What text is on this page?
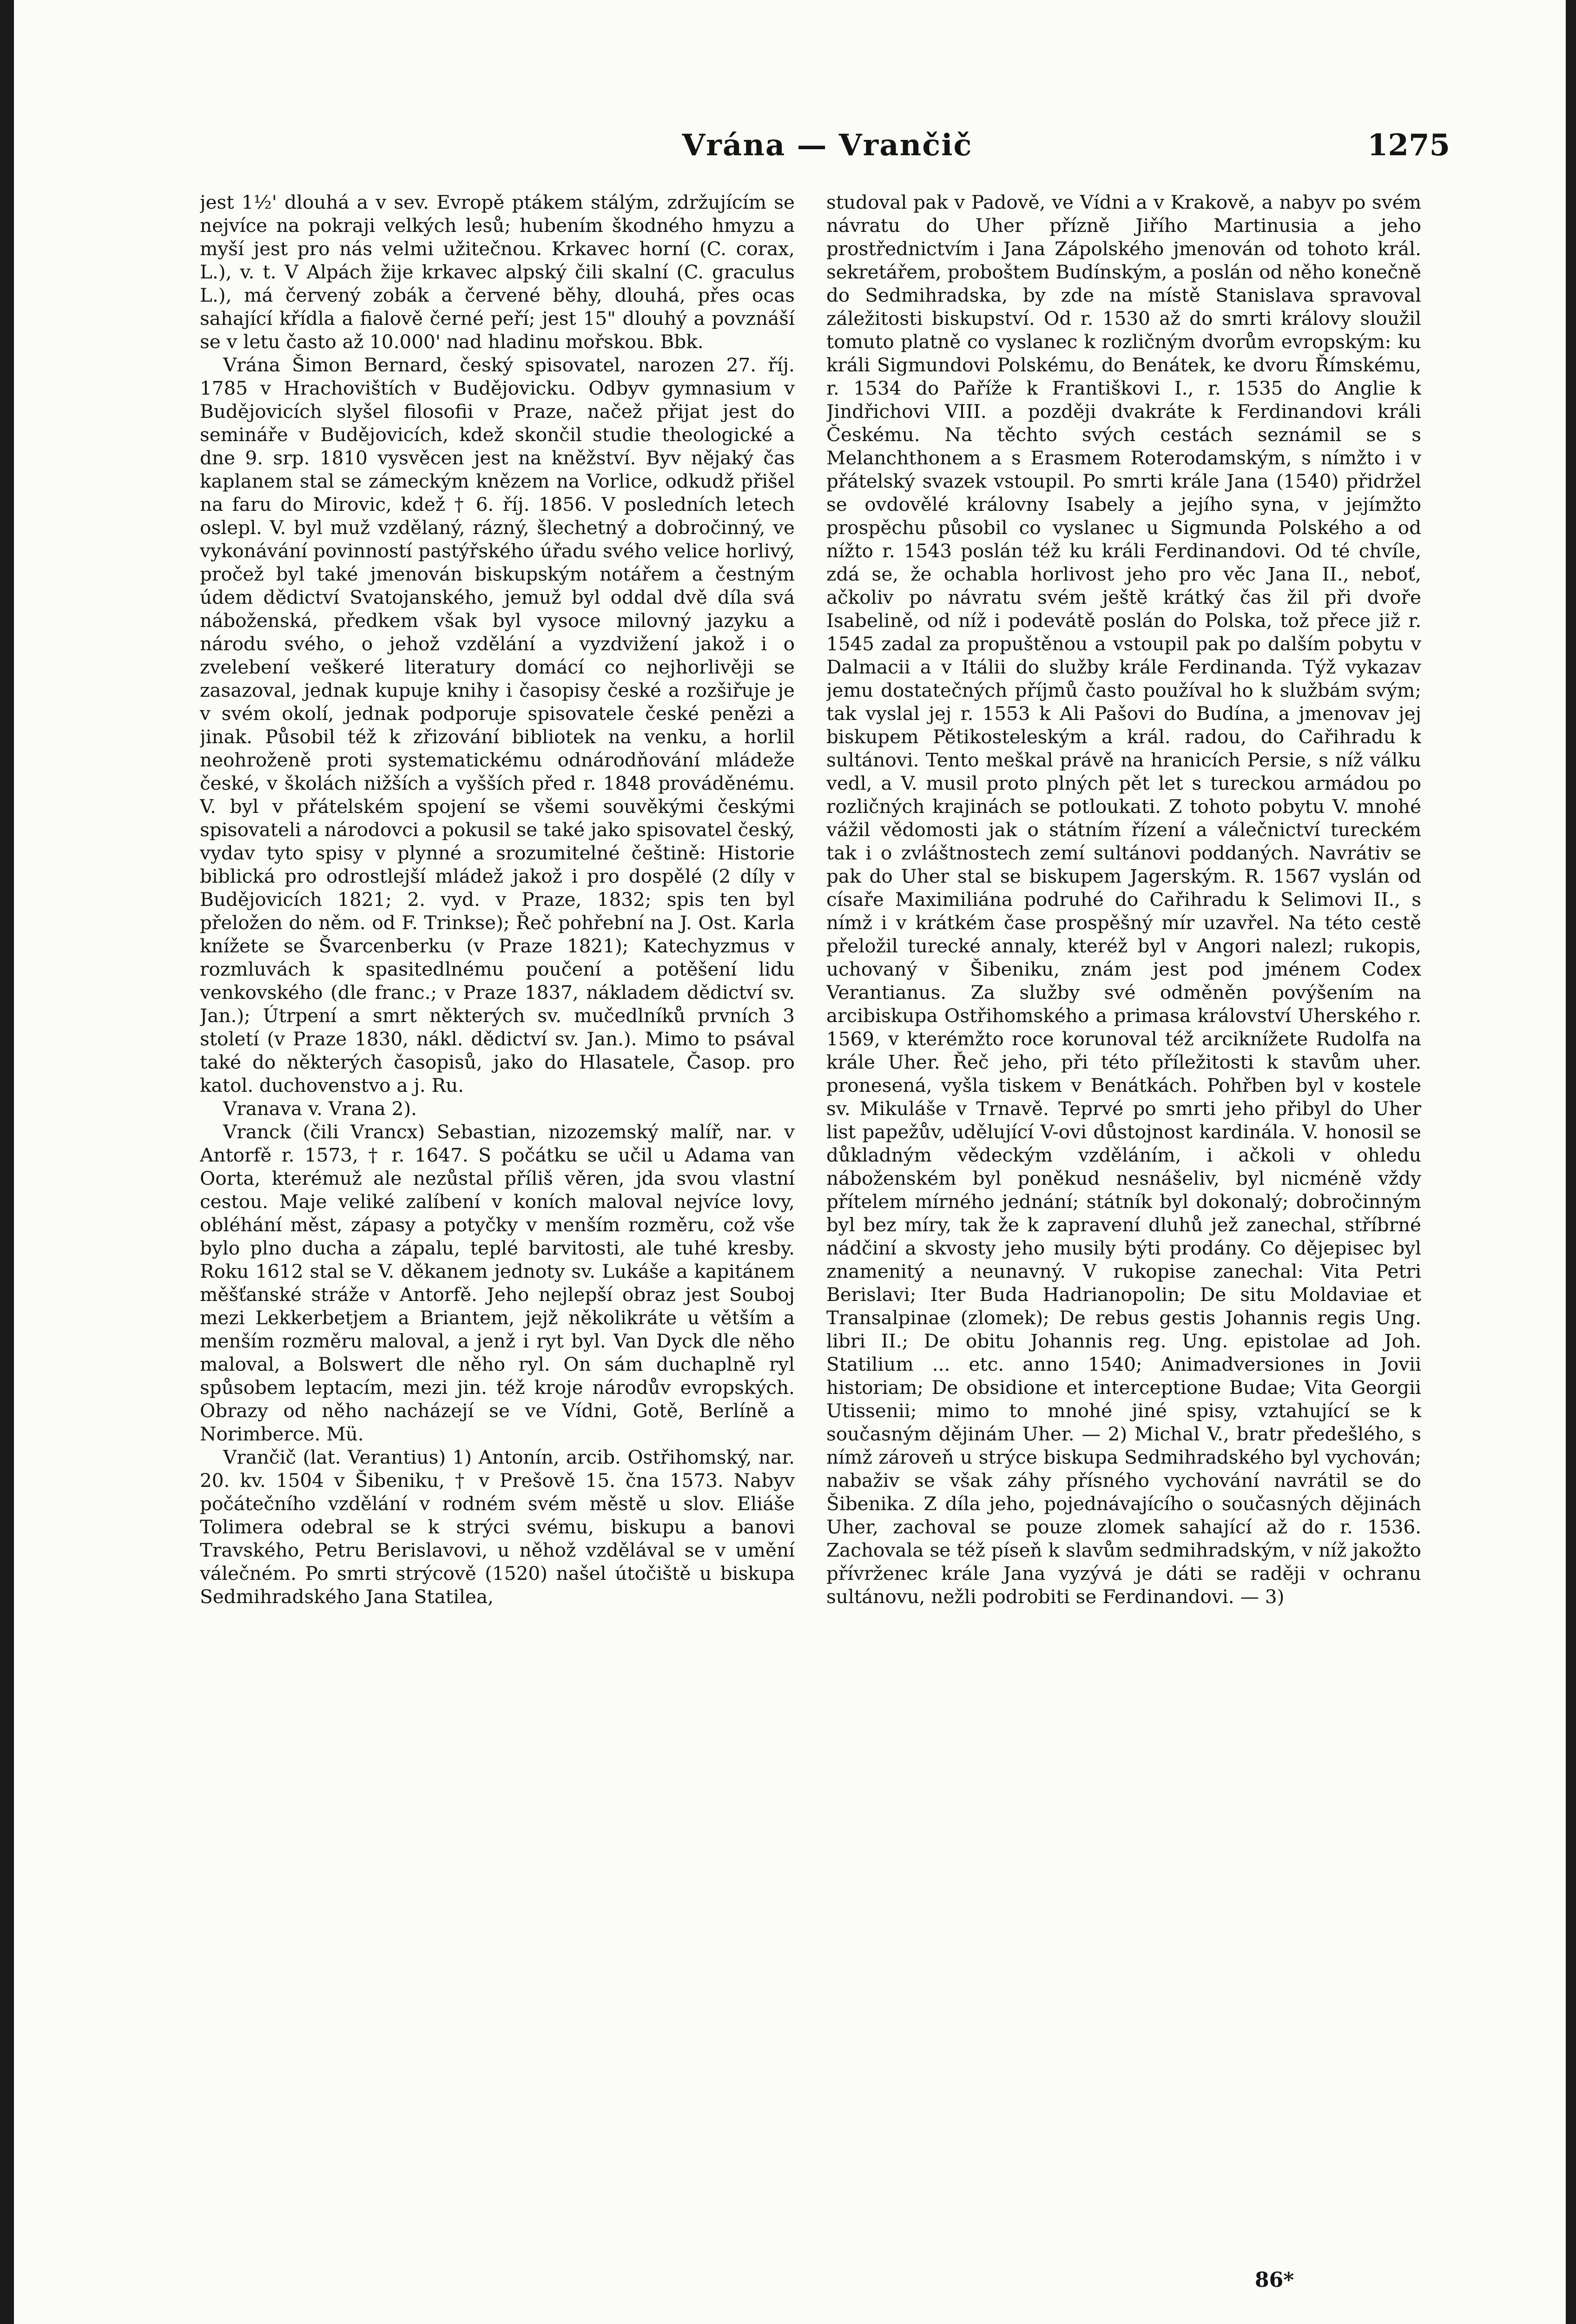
Vrána — Vrančič	1275

jest 1½' dlouhá a v sev. Evropě ptákem stálým, zdržujícím se nejvíce na pokraji velkých lesů; hubením škodného hmyzu a myší jest pro nás velmi užitečnou. Krkavec horní (C. corax, L.), v. t. V Alpách žije krkavec alpský čili skalní (C. graculus L.), má červený zobák a červené běhy, dlouhá, přes ocas sahající křídla a fialově černé peří; jest 15" dlouhý a povznáší se v letu často až 10.000' nad hladinu mořskou. Bbk.

Vrána Šimon Bernard, český spisovatel, narozen 27. říj. 1785 v Hrachovištích v Budějovicku. Odbyv gymnasium v Budějovicích slyšel filosofii v Praze, načež přijat jest do semináře v Budějovicích, kdež skončil studie theologické a dne 9. srp. 1810 vysvěcen jest na kněžství. Byv nějaký čas kaplanem stal se zámeckým knězem na Vorlice, odkudž přišel na faru do Mirovic, kdež † 6. říj. 1856. V posledních letech oslepl. V. byl muž vzdělaný, rázný, šlechetný a dobročinný, ve vykonávání povinností pastýřského úřadu svého velice horlivý, pročež byl také jmenován biskupským notářem a čestným údem dědictví Svatojanského, jemuž byl oddal dvě díla svá náboženská, předkem však byl vysoce milovný jazyku a národu svého, o jehož vzdělání a vyzdvižení jakož i o zvelebení veškeré literatury domácí co nejhorlivěji se zasazoval, jednak kupuje knihy i časopisy české a rozšiřuje je v svém okolí, jednak podporuje spisovatele české penězi a jinak. Působil též k zřizování bibliotek na venku, a horlil neohroženě proti systematickému odnárodňování mládeže české, v školách nižších a vyšších před r. 1848 prováděnému. V. byl v přátelském spojení se všemi souvěkými českými spisovateli a národovci a pokusil se také jako spisovatel český, vydav tyto spisy v plynné a srozumitelné češtině: Historie biblická pro odrostlejší mládež jakož i pro dospělé (2 díly v Budějovicích 1821; 2. vyd. v Praze, 1832; spis ten byl přeložen do něm. od F. Trinkse); Řeč pohřební na J. Ost. Karla knížete se Švarcenberku (v Praze 1821); Katechyzmus v rozmluvách k spasitedlnému poučení a potěšení lidu venkovského (dle franc.; v Praze 1837, nákladem dědictví sv. Jan.); Útrpení a smrt některých sv. mučedlníků prvních 3 století (v Praze 1830, nákl. dědictví sv. Jan.). Mimo to psával také do některých časopisů, jako do Hlasatele, Časop. pro katol. duchovenstvo a j. Ru.

Vranava v. Vrana 2).

Vranck (čili Vrancx) Sebastian, nizozemský malíř, nar. v Antorfě r. 1573, † r. 1647. S počátku se učil u Adama van Oorta, kterémuž ale nezůstal příliš věren, jda svou vlastní cestou. Maje veliké zalíbení v koních maloval nejvíce lovy, obléhání měst, zápasy a potyčky v menším rozměru, což vše bylo plno ducha a zápalu, teplé barvitosti, ale tuhé kresby. Roku 1612 stal se V. děkanem jednoty sv. Lukáše a kapitánem měšťanské stráže v Antorfě. Jeho nejlepší obraz jest Souboj mezi Lekkerbetjem a Briantem, jejž několikráte u větším a menším rozměru maloval, a jenž i ryt byl. Van Dyck dle něho maloval, a Bolswert dle něho ryl. On sám duchaplně ryl spůsobem leptacím, mezi jin. též kroje národův evropských. Obrazy od něho nacházejí se ve Vídni, Gotě, Berlíně a Norimberce. Mü.

Vrančič (lat. Verantius) 1) Antonín, arcib. Ostřihomský, nar. 20. kv. 1504 v Šibeniku, † v Prešově 15. čna 1573. Nabyv počátečního vzdělání v rodném svém městě u slov. Eliáše Tolimera odebral se k strýci svému, biskupu a banovi Travského, Petru Berislavovi, u něhož vzdělával se v umění válečném. Po smrti strýcově (1520) našel útočiště u biskupa Sedmihradského Jana Statilea,

studoval pak v Padově, ve Vídni a v Krakově, a nabyv po svém návratu do Uher přízně Jiřího Martinusia a jeho prostřednictvím i Jana Zápolského jmenován od tohoto král. sekretářem, proboštem Budínským, a poslán od něho konečně do Sedmihradska, by zde na místě Stanislava spravoval záležitosti biskupství. Od r. 1530 až do smrti královy sloužil tomuto platně co vyslanec k rozličným dvorům evropským: ku králi Sigmundovi Polskému, do Benátek, ke dvoru Římskému, r. 1534 do Paříže k Františkovi I., r. 1535 do Anglie k Jindřichovi VIII. a později dvakráte k Ferdinandovi králi Českému. Na těchto svých cestách seznámil se s Melanchthonem a s Erasmem Roterodamským, s nímžto i v přátelský svazek vstoupil. Po smrti krále Jana (1540) přidržel se ovdovělé královny Isabely a jejího syna, v jejímžto prospěchu působil co vyslanec u Sigmunda Polského a od nížto r. 1543 poslán též ku králi Ferdinandovi. Od té chvíle, zdá se, že ochabla horlivost jeho pro věc Jana II., neboť, ačkoliv po návratu svém ještě krátký čas žil při dvoře Isabelině, od níž i podevátě poslán do Polska, tož přece již r. 1545 zadal za propuštěnou a vstoupil pak po dalším pobytu v Dalmacii a v Itálii do služby krále Ferdinanda. Týž vykazav jemu dostatečných příjmů často používal ho k službám svým; tak vyslal jej r. 1553 k Ali Pašovi do Budína, a jmenovav jej biskupem Pětikosteleským a král. radou, do Cařihradu k sultánovi. Tento meškal právě na hranicích Persie, s níž válku vedl, a V. musil proto plných pět let s tureckou armádou po rozličných krajinách se potloukati. Z tohoto pobytu V. mnohé vážil vědomosti jak o státním řízení a válečnictví tureckém tak i o zvláštnostech zemí sultánovi poddaných. Navrátiv se pak do Uher stal se biskupem Jagerským. R. 1567 vyslán od císaře Maximiliána podruhé do Cařihradu k Selimovi II., s nímž i v krátkém čase prospěšný mír uzavřel. Na této cestě přeložil turecké annaly, kteréž byl v Angori nalezl; rukopis, uchovaný v Šibeniku, znám jest pod jménem Codex Verantianus. Za služby své odměněn povýšením na arcibiskupa Ostřihomského a primasa království Uherského r. 1569, v kterémžto roce korunoval též arciknížete Rudolfa na krále Uher. Řeč jeho, při této příležitosti k stavům uher. pronesená, vyšla tiskem v Benátkách. Pohřben byl v kostele sv. Mikuláše v Trnavě. Teprvé po smrti jeho přibyl do Uher list papežův, udělující V-ovi důstojnost kardinála. V. honosil se důkladným vědeckým vzděláním, i ačkoli v ohledu náboženském byl poněkud nesnášeliv, byl nicméně vždy přítelem mírného jednání; státník byl dokonalý; dobročinným byl bez míry, tak že k zapravení dluhů jež zanechal, stříbrné nádčiní a skvosty jeho musily býti prodány. Co dějepisec byl znamenitý a neunavný. V rukopise zanechal: Vita Petri Berislavi; Iter Buda Hadrianopolin; De situ Moldaviae et Transalpinae (zlomek); De rebus gestis Johannis regis Ung. libri II.; De obitu Johannis reg. Ung. epistolae ad Joh. Statilium ... etc. anno 1540; Animadversiones in Jovii historiam; De obsidione et interceptione Budae; Vita Georgii Utissenii; mimo to mnohé jiné spisy, vztahující se k současným dějinám Uher. — 2) Michal V., bratr předešlého, s nímž zároveň u strýce biskupa Sedmihradského byl vychován; nabaživ se však záhy přísného vychování navrátil se do Šibenika. Z díla jeho, pojednávajícího o současných dějinách Uher, zachoval se pouze zlomek sahající až do r. 1536. Zachovala se též píseň k slavům sedmihradským, v níž jakožto přívrženec krále Jana vyzývá je dáti se raději v ochranu sultánovu, nežli podrobiti se Ferdinandovi. — 3)

86*
